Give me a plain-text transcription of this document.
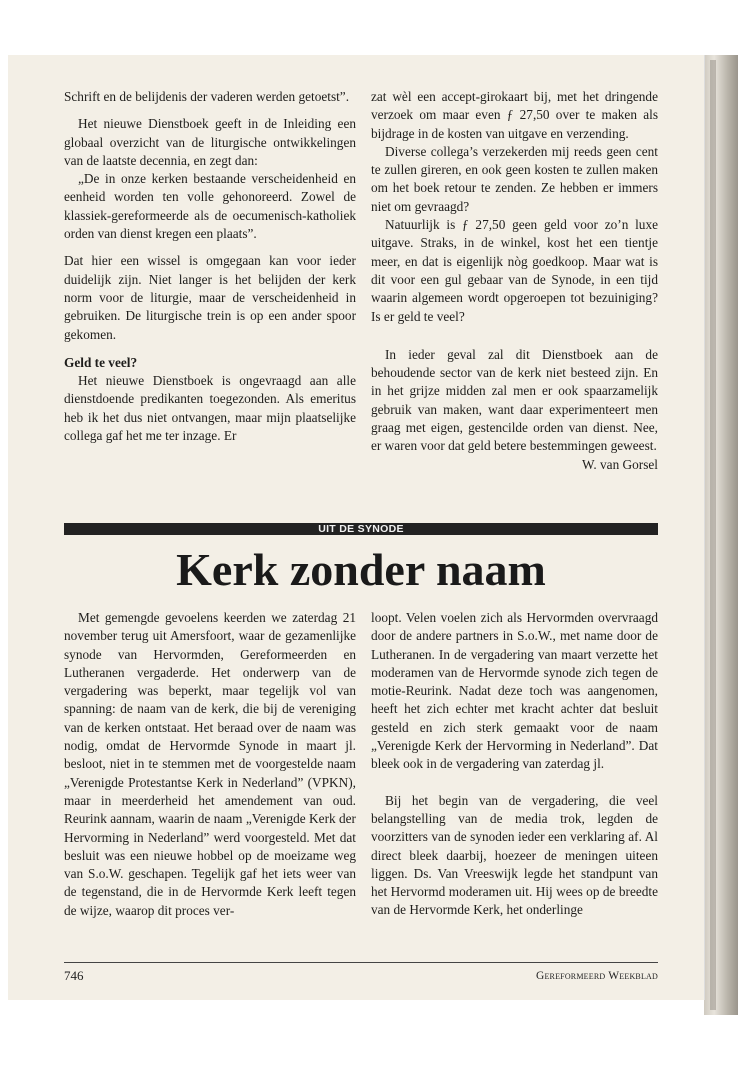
Schrift en de belijdenis der vaderen werden getoetst”.

Het nieuwe Dienstboek geeft in de Inleiding een globaal overzicht van de liturgische ontwikkelingen van de laatste decennia, en zegt dan:

„De in onze kerken bestaande verscheidenheid en eenheid worden ten volle gehonoreerd. Zowel de klassiek-gereformeerde als de oecumenisch-katholiek orden van dienst kregen een plaats”.

Dat hier een wissel is omgegaan kan voor ieder duidelijk zijn. Niet langer is het belijden der kerk norm voor de liturgie, maar de verscheidenheid in gebruiken. De liturgische trein is op een ander spoor gekomen.

Geld te veel?

Het nieuwe Dienstboek is ongevraagd aan alle dienstdoende predikanten toegezonden. Als emeritus heb ik het dus niet ontvangen, maar mijn plaatselijke collega gaf het me ter inzage. Er

zat wèl een accept-girokaart bij, met het dringende verzoek om maar even ƒ 27,50 over te maken als bijdrage in de kosten van uitgave en verzending.

Diverse collega’s verzekerden mij reeds geen cent te zullen gireren, en ook geen kosten te zullen maken om het boek retour te zenden. Ze hebben er immers niet om gevraagd?

Natuurlijk is ƒ 27,50 geen geld voor zo’n luxe uitgave. Straks, in de winkel, kost het een tientje meer, en dat is eigenlijk nòg goedkoop. Maar wat is dit voor een gul gebaar van de Synode, in een tijd waarin algemeen wordt opgeroepen tot bezuiniging? Is er geld te veel?

In ieder geval zal dit Dienstboek aan de behoudende sector van de kerk niet besteed zijn. En in het grijze midden zal men er ook spaarzamelijk gebruik van maken, want daar experimenteert men graag met eigen, gestencilde orden van dienst. Nee, er waren voor dat geld betere bestemmingen geweest.
W. van Gorsel

UIT DE SYNODE
Kerk zonder naam

Met gemengde gevoelens keerden we zaterdag 21 november terug uit Amersfoort, waar de gezamenlijke synode van Hervormden, Gereformeerden en Lutheranen vergaderde. Het onderwerp van de vergadering was beperkt, maar tegelijk vol van spanning: de naam van de kerk, die bij de vereniging van de kerken ontstaat. Het beraad over de naam was nodig, omdat de Hervormde Synode in maart jl. besloot, niet in te stemmen met de voorgestelde naam „Verenigde Protestantse Kerk in Nederland” (VPKN), maar in meerderheid het amendement van oud. Reurink aannam, waarin de naam „Verenigde Kerk der Hervorming in Nederland” werd voorgesteld. Met dat besluit was een nieuwe hobbel op de moeizame weg van S.o.W. geschapen. Tegelijk gaf het iets weer van de tegenstand, die in de Hervormde Kerk leeft tegen de wijze, waarop dit proces ver-

loopt. Velen voelen zich als Hervormden overvraagd door de andere partners in S.o.W., met name door de Lutheranen. In de vergadering van maart verzette het moderamen van de Hervormde synode zich tegen de motie-Reurink. Nadat deze toch was aangenomen, heeft het zich echter met kracht achter dat besluit gesteld en zich sterk gemaakt voor de naam „Verenigde Kerk der Hervorming in Nederland”. Dat bleek ook in de vergadering van zaterdag jl.

Bij het begin van de vergadering, die veel belangstelling van de media trok, legden de voorzitters van de synoden ieder een verklaring af. Al direct bleek daarbij, hoezeer de meningen uiteen liggen. Ds. Van Vreeswijk legde het standpunt van het Hervormd moderamen uit. Hij wees op de breedte van de Hervormde Kerk, het onderlinge

746	Gereformeerd Weekblad
